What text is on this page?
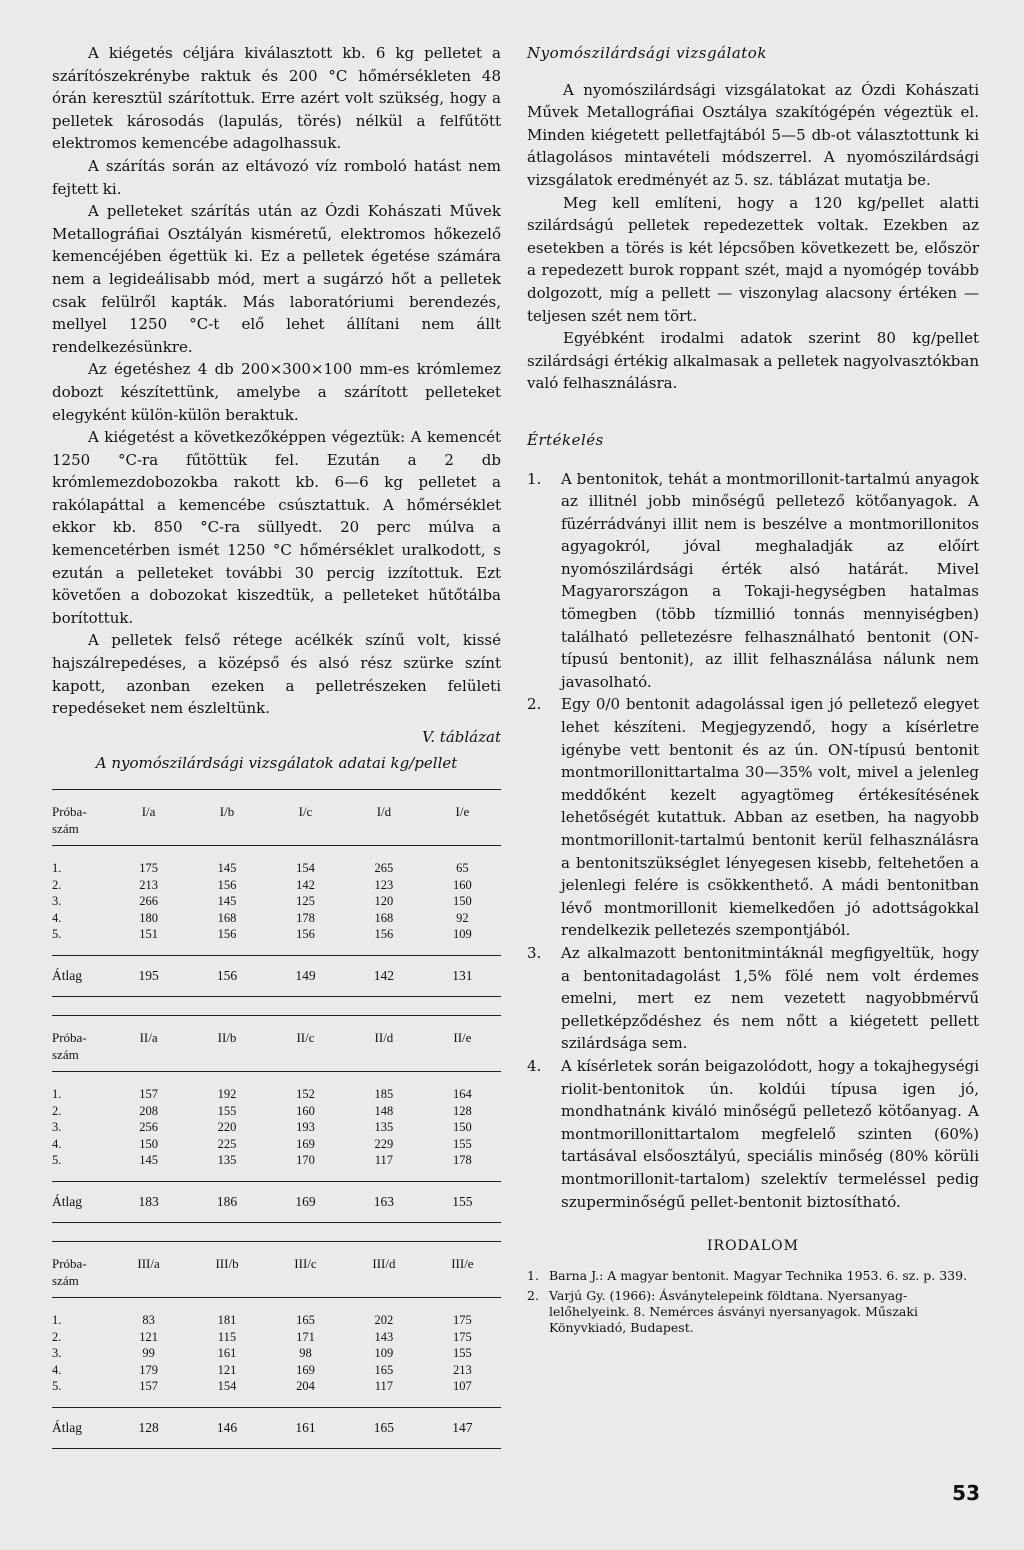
A kiégetés céljára kiválasztott kb. 6 kg pelletet a szárítószekrénybe raktuk és 200 °C hőmérsékleten 48 órán keresztül szárítottuk. Erre azért volt szükség, hogy a pelletek károsodás (lapulás, törés) nélkül a felfűtött elektromos kemencébe adagolhassuk.

A szárítás során az eltávozó víz romboló hatást nem fejtett ki.

A pelleteket szárítás után az Ózdi Kohászati Művek Metallográfiai Osztályán kisméretű, elektromos hőkezelő kemencéjében égettük ki. Ez a pelletek égetése számára nem a legideálisabb mód, mert a sugárzó hőt a pelletek csak felülről kapták. Más laboratóriumi berendezés, mellyel 1250 °C-t elő lehet állítani nem állt rendelkezésünkre.

Az égetéshez 4 db 200×300×100 mm-es krómlemez dobozt készítettünk, amelybe a szárított pelleteket elegyként külön-külön beraktuk.

A kiégetést a következőképpen végeztük: A kemencét 1250 °C-ra fűtöttük fel. Ezután a 2 db krómlemezdobozokba rakott kb. 6—6 kg pelletet a rakólapáttal a kemencébe csúsztattuk. A hőmérséklet ekkor kb. 850 °C-ra süllyedt. 20 perc múlva a kemencetérben ismét 1250 °C hőmérséklet uralkodott, s ezután a pelleteket további 30 percig izzítottuk. Ezt követően a dobozokat kiszedtük, a pelleteket hűtőtálba borítottuk.

A pelletek felső rétege acélkék színű volt, kissé hajszálrepedéses, a középső és alsó rész szürke színt kapott, azonban ezeken a pelletrészeken felületi repedéseket nem észleltünk.

V. táblázat

A nyomószilárdsági vizsgálatok adatai kg/pellet

Próba-
szám	I/a	I/b	I/c	I/d	I/e
1.	175	145	154	265	65
2.	213	156	142	123	160
3.	266	145	125	120	150
4.	180	168	178	168	92
5.	151	156	156	156	109
Átlag	195	156	149	142	131

Próba-
szám	II/a	II/b	II/c	II/d	II/e
1.	157	192	152	185	164
2.	208	155	160	148	128
3.	256	220	193	135	150
4.	150	225	169	229	155
5.	145	135	170	117	178
Átlag	183	186	169	163	155

Próba-
szám	III/a	III/b	III/c	III/d	III/e
1.	83	181	165	202	175
2.	121	115	171	143	175
3.	99	161	98	109	155
4.	179	121	169	165	213
5.	157	154	204	117	107
Átlag	128	146	161	165	147

Nyomószilárdsági vizsgálatok

A nyomószilárdsági vizsgálatokat az Ózdi Kohászati Művek Metallográfiai Osztálya szakítógépén végeztük el. Minden kiégetett pelletfajtából 5—5 db-ot választottunk ki átlagolásos mintavételi módszerrel. A nyomószilárdsági vizsgálatok eredményét az 5. sz. táblázat mutatja be.

Meg kell említeni, hogy a 120 kg/pellet alatti szilárdságú pelletek repedezettek voltak. Ezekben az esetekben a törés is két lépcsőben következett be, először a repedezett burok roppant szét, majd a nyomógép tovább dolgozott, míg a pellett — viszonylag alacsony értéken — teljesen szét nem tört.

Egyébként irodalmi adatok szerint 80 kg/pellet szilárdsági értékig alkalmasak a pelletek nagyolvasztókban való felhasználásra.

Értékelés

1. A bentonitok, tehát a montmorillonit-tartalmú anyagok az illitnél jobb minőségű pelletező kötőanyagok. A füzérrádványi illit nem is beszélve a montmorillonitos agyagokról, jóval meghaladják az előírt nyomószilárdsági érték alsó határát. Mivel Magyarországon a Tokaji-hegységben hatalmas tömegben (több tízmillió tonnás mennyiségben) található pelletezésre felhasználható bentonit (ON-típusú bentonit), az illit felhasználása nálunk nem javasolható.
2. Egy 0/0 bentonit adagolással igen jó pelletező elegyet lehet készíteni. Megjegyzendő, hogy a kísérletre igénybe vett bentonit és az ún. ON-típusú bentonit montmorillonittartalma 30—35% volt, mivel a jelenleg meddőként kezelt agyagtömeg értékesítésének lehetőségét kutattuk. Abban az esetben, ha nagyobb montmorillonit-tartalmú bentonit kerül felhasználásra a bentonitszükséglet lényegesen kisebb, feltehetően a jelenlegi felére is csökkenthető. A mádi bentonitban lévő montmorillonit kiemelkedően jó adottságokkal rendelkezik pelletezés szempontjából.
3. Az alkalmazott bentonitmintáknál megfigyeltük, hogy a bentonitadagolást 1,5% fölé nem volt érdemes emelni, mert ez nem vezetett nagyobbmérvű pelletképződéshez és nem nőtt a kiégetett pellett szilárdsága sem.
4. A kísérletek során beigazolódott, hogy a tokajhegységi riolit-bentonitok ún. koldúi típusa igen jó, mondhatnánk kiváló minőségű pelletező kötőanyag. A montmorillonittartalom megfelelő szinten (60%) tartásával elsőosztályú, speciális minőség (80% körüli montmorillonit-tartalom) szelektív termeléssel pedig szuperminőségű pellet-bentonit biztosítható.

IRODALOM

1. Barna J.: A magyar bentonit. Magyar Technika 1953. 6. sz. p. 339.
2. Varjú Gy. (1966): Ásványtelepeink földtana. Nyersanyag-lelőhelyeink. 8. Nemérces ásványi nyersanyagok. Műszaki Könyvkiadó, Budapest.
53
